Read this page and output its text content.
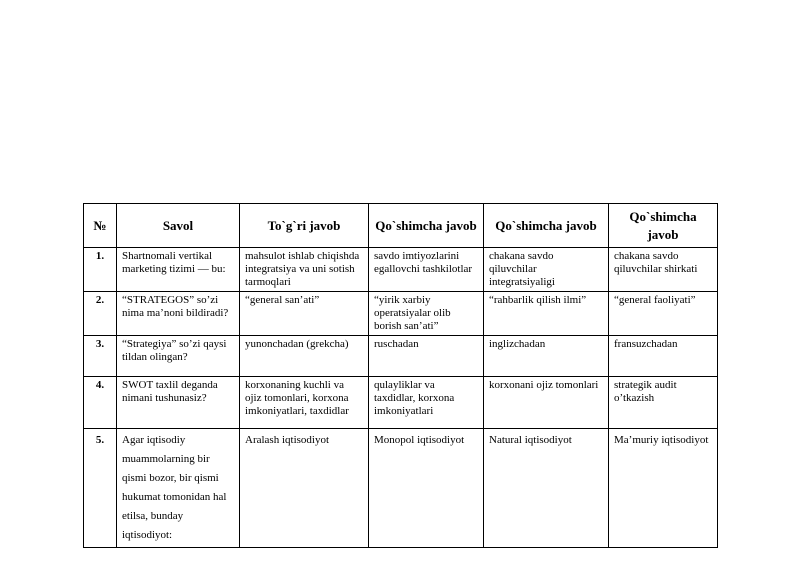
№	Savol	To`g`ri javob	Qo`shimcha javob	Qo`shimcha javob	Qo`shimcha javob
1.	Shartnomali vertikal marketing tizimi — bu:	mahsulot ishlab chiqishda integratsiya va uni sotish tarmoqlari	savdo imtiyozlarini egallovchi tashkilotlar	chakana savdo qiluvchilar integratsiyaligi	chakana savdo qiluvchilar shirkati
2.	“STRATEGOS” so’zi nima ma’noni bildiradi?	“general san’ati”	“yirik xarbiy operatsiyalar olib borish san’ati”	“rahbarlik qilish ilmi”	“general faoliyati”
3.	“Strategiya” so’zi qaysi tildan olingan?	yunonchadan (grekcha)	ruschadan	inglizchadan	fransuzchadan
4.	SWOT taxlil deganda nimani tushunasiz?	korxonaning kuchli va ojiz tomonlari, korxona imkoniyatlari, taxdidlar	qulayliklar va taxdidlar, korxona imkoniyatlari	korxonani ojiz tomonlari	strategik audit o’tkazish
5.	Agar iqtisodiy muammolarning bir qismi bozor, bir qismi hukumat tomonidan hal etilsa, bunday iqtisodiyot:	Aralash iqtisodiyot	Monopol iqtisodiyot	Natural iqtisodiyot	Ma’muriy iqtisodiyot
